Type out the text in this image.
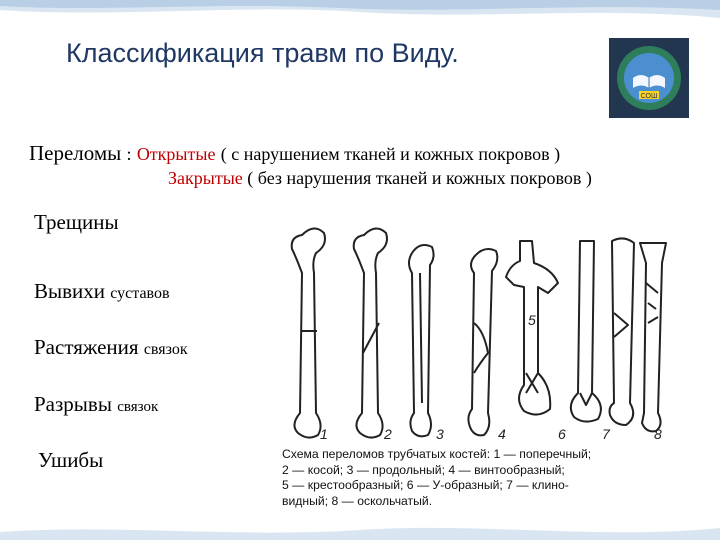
Классификация травм по Виду.
СОШ
Переломы : Открытые ( с нарушением тканей и кожных покровов )
Закрытые ( без нарушения тканей и кожных покровов )
Трещины
Вывихи суставов
Растяжения связок
Разрывы связок
Ушибы
1	2	3	4
5
6	7	8
Схема переломов трубчатых костей: 1 — поперечный;
2 — косой; 3 — продольный; 4 — винтообразный;
5 — крестообразный; 6 — У-образный; 7 — клино-
видный; 8 — оскольчатый.
